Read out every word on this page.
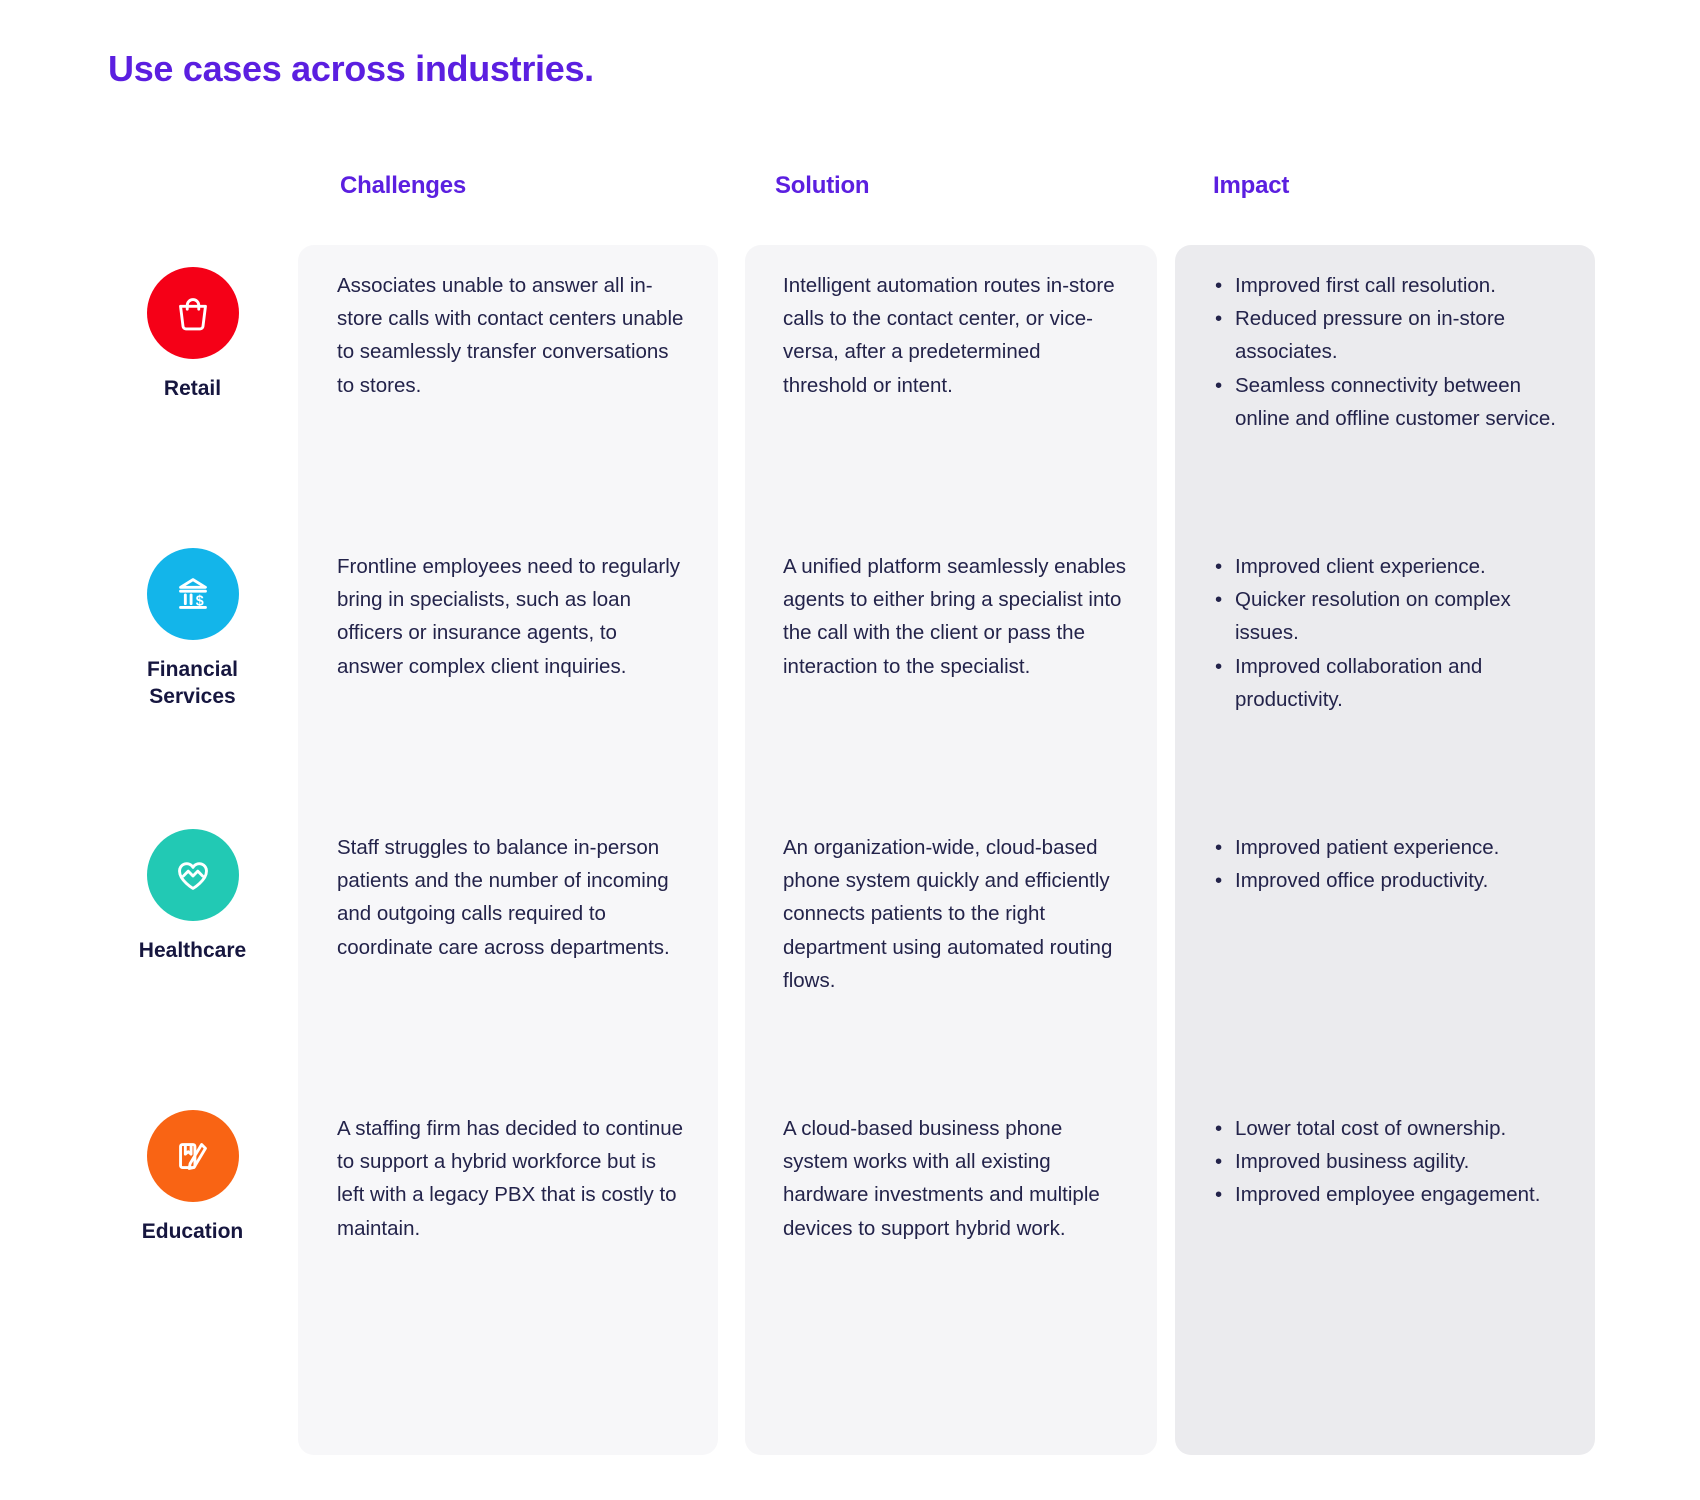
Use cases across industries.
Challenges	Solution	Impact
Retail

Associates unable to answer all in-store calls with contact centers unable to seamlessly transfer conversations to stores.

Intelligent automation routes in-store calls to the contact center, or vice-versa, after a predetermined threshold or intent.

• Improved first call resolution.
• Reduced pressure on in-store associates.
• Seamless connectivity between online and offline customer service.
$
Financial Services

Frontline employees need to regularly bring in specialists, such as loan officers or insurance agents, to answer complex client inquiries.

A unified platform seamlessly enables agents to either bring a specialist into the call with the client or pass the interaction to the specialist.

• Improved client experience.
• Quicker resolution on complex issues.
• Improved collaboration and productivity.
Healthcare

Staff struggles to balance in-person patients and the number of incoming and outgoing calls required to coordinate care across departments.

An organization-wide, cloud-based phone system quickly and efficiently connects patients to the right department using automated routing flows.

• Improved patient experience.
• Improved office productivity.
Education

A staffing firm has decided to continue to support a hybrid workforce but is left with a legacy PBX that is costly to maintain.

A cloud-based business phone system works with all existing hardware investments and multiple devices to support hybrid work.

• Lower total cost of ownership.
• Improved business agility.
• Improved employee engagement.
